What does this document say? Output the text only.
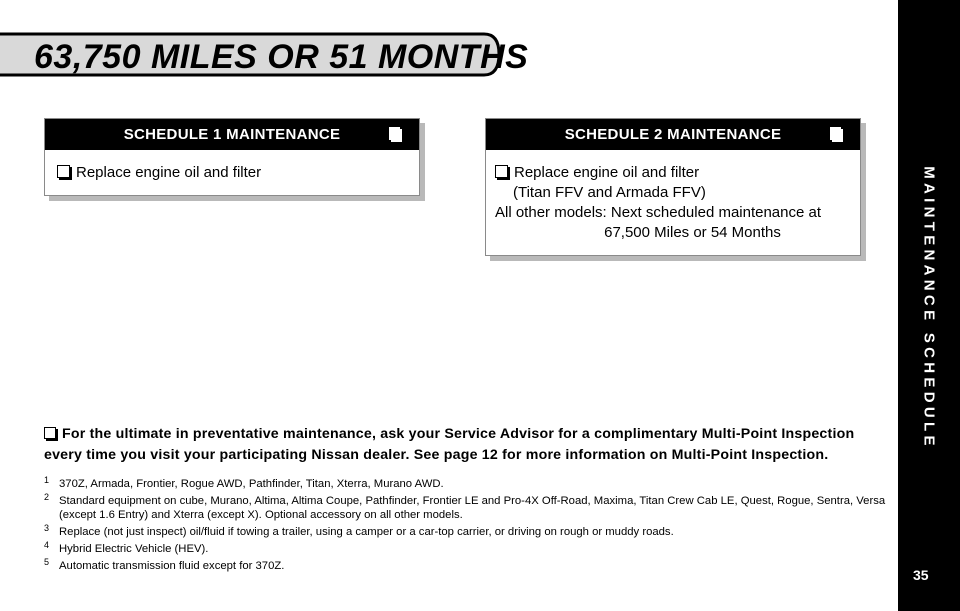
63,750 MILES OR 51 MONTHS
MAINTENANCE SCHEDULE
35
SCHEDULE 1 MAINTENANCE
Replace engine oil and filter
SCHEDULE 2 MAINTENANCE
Replace engine oil and filter
(Titan FFV and Armada FFV)
All other models: Next scheduled maintenance at
67,500 Miles or 54 Months
For the ultimate in preventative maintenance, ask your Service Advisor for a complimentary Multi-Point Inspection every time you visit your participating Nissan dealer. See page 12 for more information on Multi-Point Inspection.
1 370Z, Armada, Frontier, Rogue AWD, Pathfinder, Titan, Xterra, Murano AWD.
2 Standard equipment on cube, Murano, Altima, Altima Coupe, Pathfinder, Frontier LE and Pro-4X Off-Road, Maxima, Titan Crew Cab LE, Quest, Rogue, Sentra, Versa (except 1.6 Entry) and Xterra (except X). Optional accessory on all other models.
3 Replace (not just inspect) oil/fluid if towing a trailer, using a camper or a car-top carrier, or driving on rough or muddy roads.
4 Hybrid Electric Vehicle (HEV).
5 Automatic transmission fluid except for 370Z.
